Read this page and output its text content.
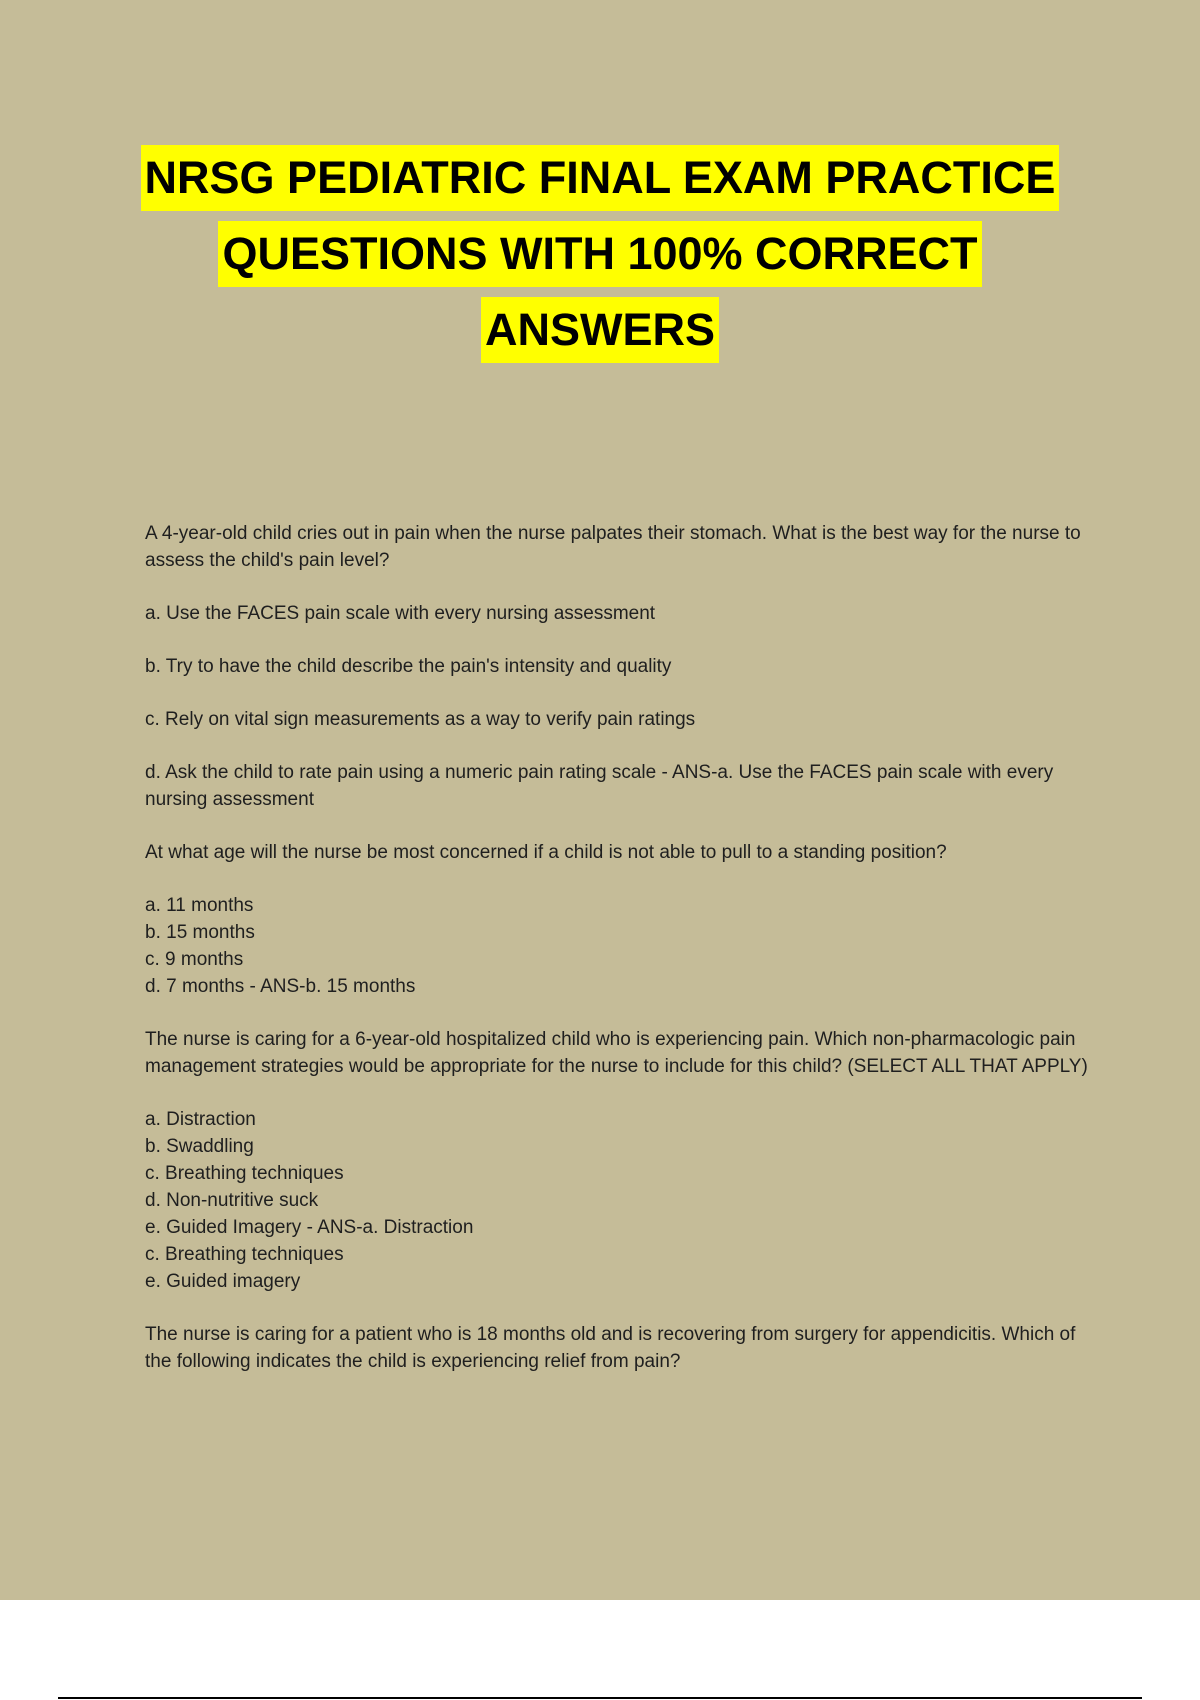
NRSG PEDIATRIC FINAL EXAM PRACTICE
QUESTIONS WITH 100% CORRECT
ANSWERS

A 4-year-old child cries out in pain when the nurse palpates their stomach. What is the best way for the nurse to assess the child's pain level?

a. Use the FACES pain scale with every nursing assessment

b. Try to have the child describe the pain's intensity and quality

c. Rely on vital sign measurements as a way to verify pain ratings

d. Ask the child to rate pain using a numeric pain rating scale - ANS-a. Use the FACES pain scale with every nursing assessment

At what age will the nurse be most concerned if a child is not able to pull to a standing position?

a. 11 months
b. 15 months
c. 9 months
d. 7 months - ANS-b. 15 months

The nurse is caring for a 6-year-old hospitalized child who is experiencing pain. Which non-pharmacologic pain management strategies would be appropriate for the nurse to include for this child? (SELECT ALL THAT APPLY)

a. Distraction
b. Swaddling
c. Breathing techniques
d. Non-nutritive suck
e. Guided Imagery - ANS-a. Distraction
c. Breathing techniques
e. Guided imagery

The nurse is caring for a patient who is 18 months old and is recovering from surgery for appendicitis. Which of the following indicates the child is experiencing relief from pain?
